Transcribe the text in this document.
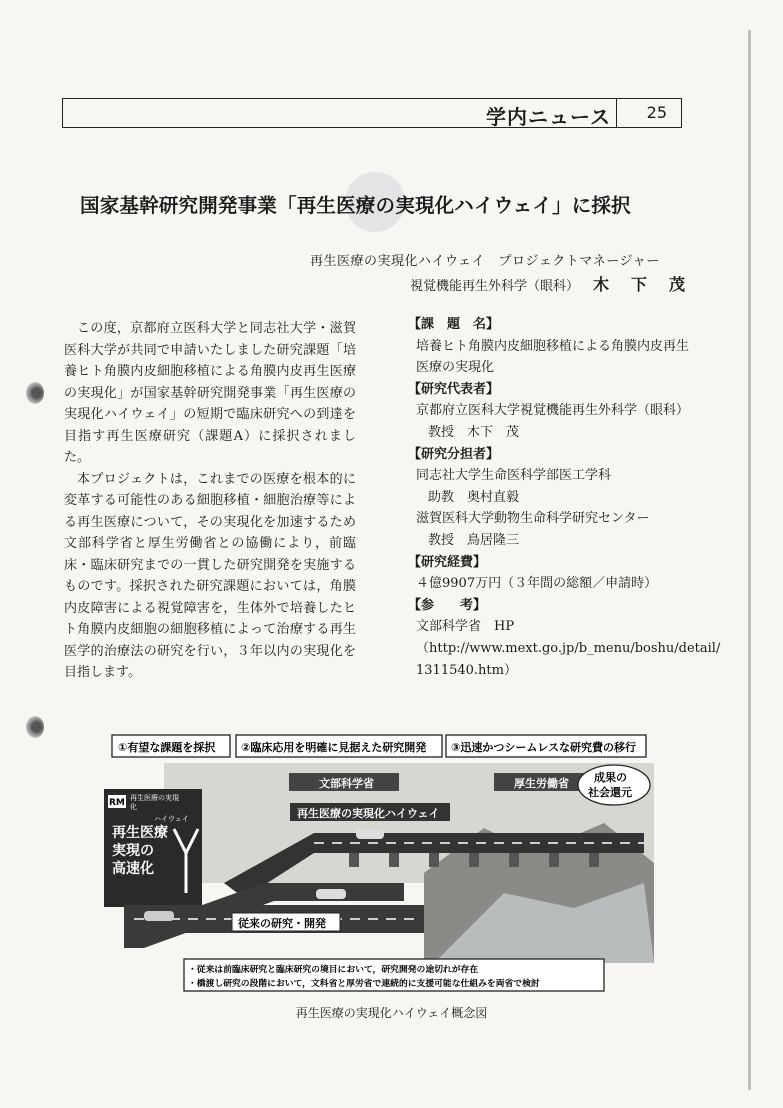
学内ニュース 25
国家基幹研究開発事業「再生医療の実現化ハイウェイ」に採択
再生医療の実現化ハイウェイ　プロジェクトマネージャー
視覚機能再生外科学（眼科） 木下茂

この度，京都府立医科大学と同志社大学・滋賀医科大学が共同で申請いたしました研究課題「培養ヒト角膜内皮細胞移植による角膜内皮再生医療の実現化」が国家基幹研究開発事業「再生医療の実現化ハイウェイ」の短期で臨床研究への到達を目指す再生医療研究（課題A）に採択されました。

本プロジェクトは，これまでの医療を根本的に変革する可能性のある細胞移植・細胞治療等による再生医療について，その実現化を加速するため文部科学省と厚生労働省との協働により，前臨床・臨床研究までの一貫した研究開発を実施するものです。採択された研究課題においては，角膜内皮障害による視覚障害を，生体外で培養したヒト角膜内皮細胞の細胞移植によって治療する再生医学的治療法の研究を行い，３年以内の実現化を目指します。

【課　題　名】
培養ヒト角膜内皮細胞移植による角膜内皮再生医療の実現化
【研究代表者】
京都府立医科大学視覚機能再生外科学（眼科）
教授　木下　茂
【研究分担者】
同志社大学生命医科学部医工学科
助教　奥村直毅
滋賀医科大学動物生命科学研究センター
教授　鳥居隆三
【研究経費】
４億9907万円（３年間の総額／申請時）
【参　　考】
文部科学省　HP
（http://www.mext.go.jp/b_menu/boshu/detail/
1311540.htm）
①有望な課題を採択 ②臨床応用を明確に見据えた研究開発 ③迅速かつシームレスな研究費の移行
文部科学省	厚生労働省 成果の
社会還元
再生医療の実現化ハイウェイ
RM 再生医療の実現
化
ハイウェイ
再生医療
実現の
高速化
従来の研究・開発
・従来は前臨床研究と臨床研究の境目において，研究開発の途切れが存在
・橋渡し研究の段階において，文科省と厚労省で連続的に支援可能な仕組みを両省で検討
再生医療の実現化ハイウェイ概念図
